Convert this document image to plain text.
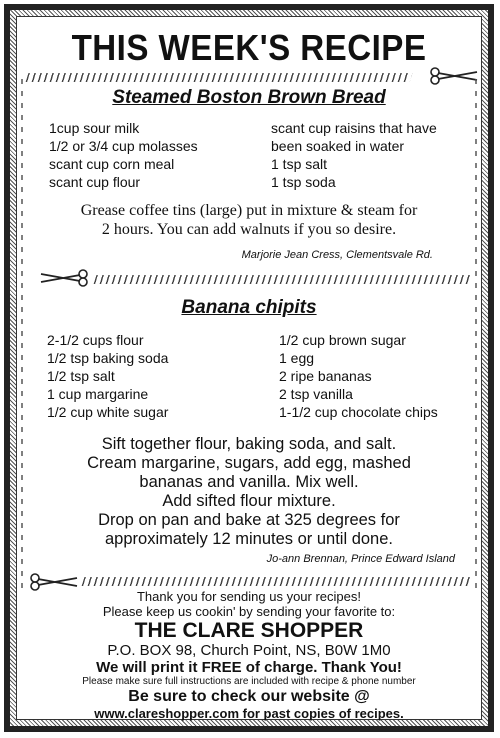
THIS WEEK'S RECIPE
Steamed Boston Brown Bread
1cup sour milk
1/2 or 3/4 cup molasses
scant cup corn meal
scant cup flour
scant cup raisins that have
been soaked in water
1 tsp salt
1 tsp soda
Grease coffee tins (large) put in mixture & steam for
2 hours. You can add walnuts if you so desire.
Marjorie Jean Cress, Clementsvale Rd.
Banana chipits
2-1/2 cups flour
1/2 tsp baking soda
1/2 tsp salt
1 cup margarine
1/2 cup white sugar
1/2 cup brown sugar
1 egg
2 ripe bananas
2 tsp vanilla
1-1/2 cup chocolate chips
Sift together flour, baking soda, and salt.
Cream margarine, sugars, add egg, mashed
bananas and vanilla. Mix well.
Add sifted flour mixture.
Drop on pan and bake at 325 degrees for
approximately 12 minutes or until done.
Jo-ann Brennan, Prince Edward Island
Thank you for sending us your recipes!
Please keep us cookin' by sending your favorite to:
THE CLARE SHOPPER
P.O. BOX 98, Church Point, NS, B0W 1M0
We will print it FREE of charge. Thank You!
Please make sure full instructions are included with recipe & phone number
Be sure to check our website @
www.clareshopper.com for past copies of recipes.
